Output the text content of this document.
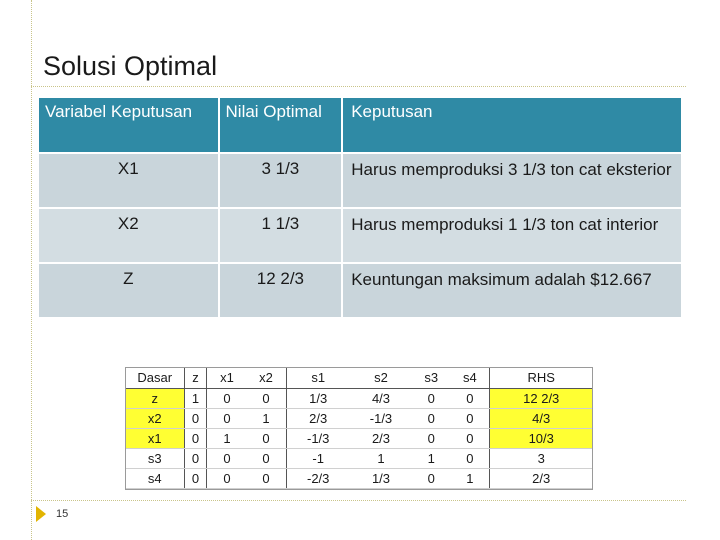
Solusi Optimal
Variabel Keputusan	Nilai Optimal	Keputusan
X1	3 1/3	Harus memproduksi 3 1/3 ton cat eksterior
X2	1 1/3	Harus memproduksi 1 1/3 ton cat interior
Z	12 2/3	Keuntungan maksimum adalah $12.667
Dasar	z	x1	x2	s1	s2	s3	s4	RHS
z	1	0	0	1/3	4/3	0	0	12 2/3
x2	0	0	1	2/3	-1/3	0	0	4/3
x1	0	1	0	-1/3	2/3	0	0	10/3
s3	0	0	0	-1	1	1	0	3
s4	0	0	0	-2/3	1/3	0	1	2/3
15
